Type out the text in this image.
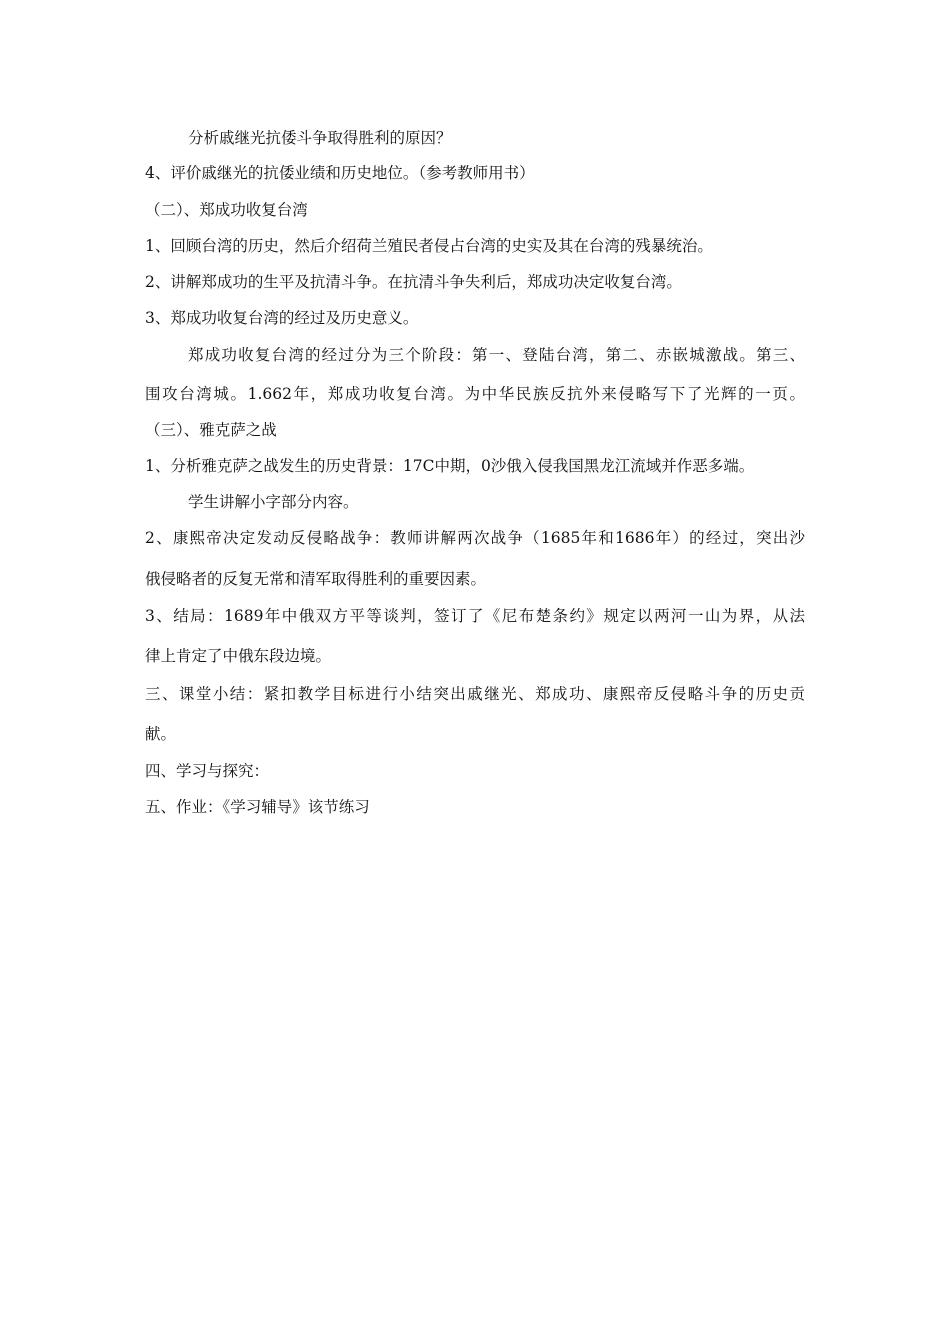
分析戚继光抗倭斗争取得胜利的原因？
4、评价戚继光的抗倭业绩和历史地位。（参考教师用书）
（二）、郑成功收复台湾
1、回顾台湾的历史，然后介绍荷兰殖民者侵占台湾的史实及其在台湾的残暴统治。
2、讲解郑成功的生平及抗清斗争。在抗清斗争失利后，郑成功决定收复台湾。
3、郑成功收复台湾的经过及历史意义。
郑成功收复台湾的经过分为三个阶段：第一、登陆台湾，第二、赤嵌城激战。第三、
围攻台湾城。1.662年，郑成功收复台湾。为中华民族反抗外来侵略写下了光辉的一页。
（三）、雅克萨之战
1、分析雅克萨之战发生的历史背景：17C中期，0沙俄入侵我国黑龙江流域并作恶多端。
学生讲解小字部分内容。
2、康熙帝决定发动反侵略战争：教师讲解两次战争（1685年和1686年）的经过，突出沙
俄侵略者的反复无常和清军取得胜利的重要因素。
3、结局：1689年中俄双方平等谈判，签订了《尼布楚条约》规定以两河一山为界，从法
律上肯定了中俄东段边境。
三、课堂小结：紧扣教学目标进行小结突出戚继光、郑成功、康熙帝反侵略斗争的历史贡
献。
四、学习与探究：
五、作业：《学习辅导》该节练习
